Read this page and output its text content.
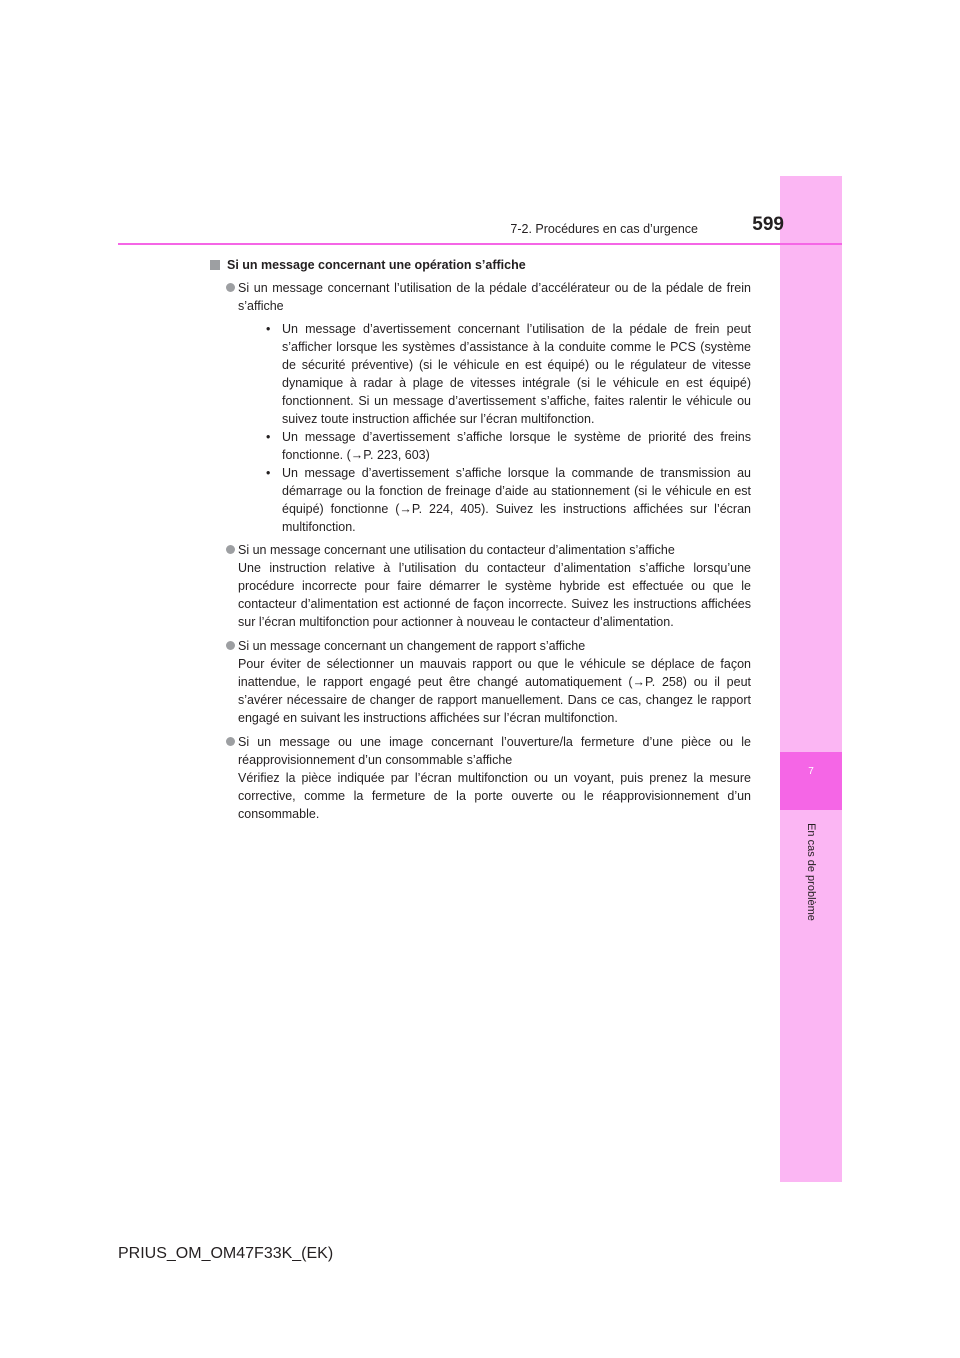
7
En cas de problème
7-2. Procédures en cas d’urgence	599
Si un message concernant une opération s’affiche
Si un message concernant l’utilisation de la pédale d’accélérateur ou de la pédale de frein s’affiche
• Un message d’avertissement concernant l’utilisation de la pédale de frein peut s’afficher lorsque les systèmes d’assistance à la conduite comme le PCS (système de sécurité préventive) (si le véhicule en est équipé) ou le régulateur de vitesse dynamique à radar à plage de vitesses intégrale (si le véhicule en est équipé) fonctionnent. Si un message d’avertissement s’affiche, faites ralentir le véhicule ou suivez toute instruction affichée sur l’écran multifonction.
• Un message d’avertissement s’affiche lorsque le système de priorité des freins fonctionne. (→P. 223, 603)
• Un message d’avertissement s’affiche lorsque la commande de transmission au démarrage ou la fonction de freinage d’aide au stationnement (si le véhicule en est équipé) fonctionne (→P. 224, 405). Suivez les instructions affichées sur l’écran multifonction.
Si un message concernant une utilisation du contacteur d’alimentation s’affiche
Une instruction relative à l’utilisation du contacteur d’alimentation s’affiche lorsqu’une procédure incorrecte pour faire démarrer le système hybride est effectuée ou que le contacteur d’alimentation est actionné de façon incorrecte. Suivez les instructions affichées sur l’écran multifonction pour actionner à nouveau le contacteur d’alimentation.
Si un message concernant un changement de rapport s’affiche
Pour éviter de sélectionner un mauvais rapport ou que le véhicule se déplace de façon inattendue, le rapport engagé peut être changé automatiquement (→P. 258) ou il peut s’avérer nécessaire de changer de rapport manuellement. Dans ce cas, changez le rapport engagé en suivant les instructions affichées sur l’écran multifonction.
Si un message ou une image concernant l’ouverture/la fermeture d’une pièce ou le réapprovisionnement d’un consommable s’affiche
Vérifiez la pièce indiquée par l’écran multifonction ou un voyant, puis prenez la mesure corrective, comme la fermeture de la porte ouverte ou le réapprovisionnement d’un consommable.
PRIUS_OM_OM47F33K_(EK)
